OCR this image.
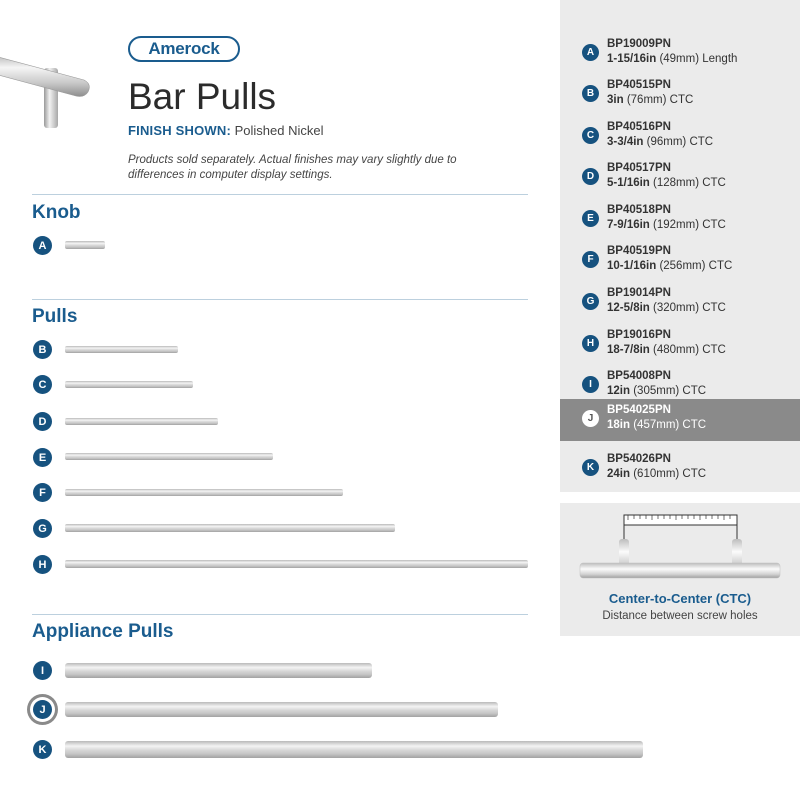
Amerock
Bar Pulls
FINISH SHOWN: Polished Nickel

Products sold separately. Actual finishes may vary slightly due to differences in computer display settings.

Knob
Pulls
Appliance Pulls
A
B
C
D
E
F
G
H
I
J
K
A
BP19009PN
1-15/16in (49mm) Length
B
BP40515PN
3in (76mm) CTC
C
BP40516PN
3-3/4in (96mm) CTC
D
BP40517PN
5-1/16in (128mm) CTC
E
BP40518PN
7-9/16in (192mm) CTC
F
BP40519PN
10-1/16in (256mm) CTC
G
BP19014PN
12-5/8in (320mm) CTC
H
BP19016PN
18-7/8in (480mm) CTC
I
BP54008PN
12in (305mm) CTC
J
BP54025PN
18in (457mm) CTC
K
BP54026PN
24in (610mm) CTC
Center-to-Center (CTC)
Distance between screw holes
